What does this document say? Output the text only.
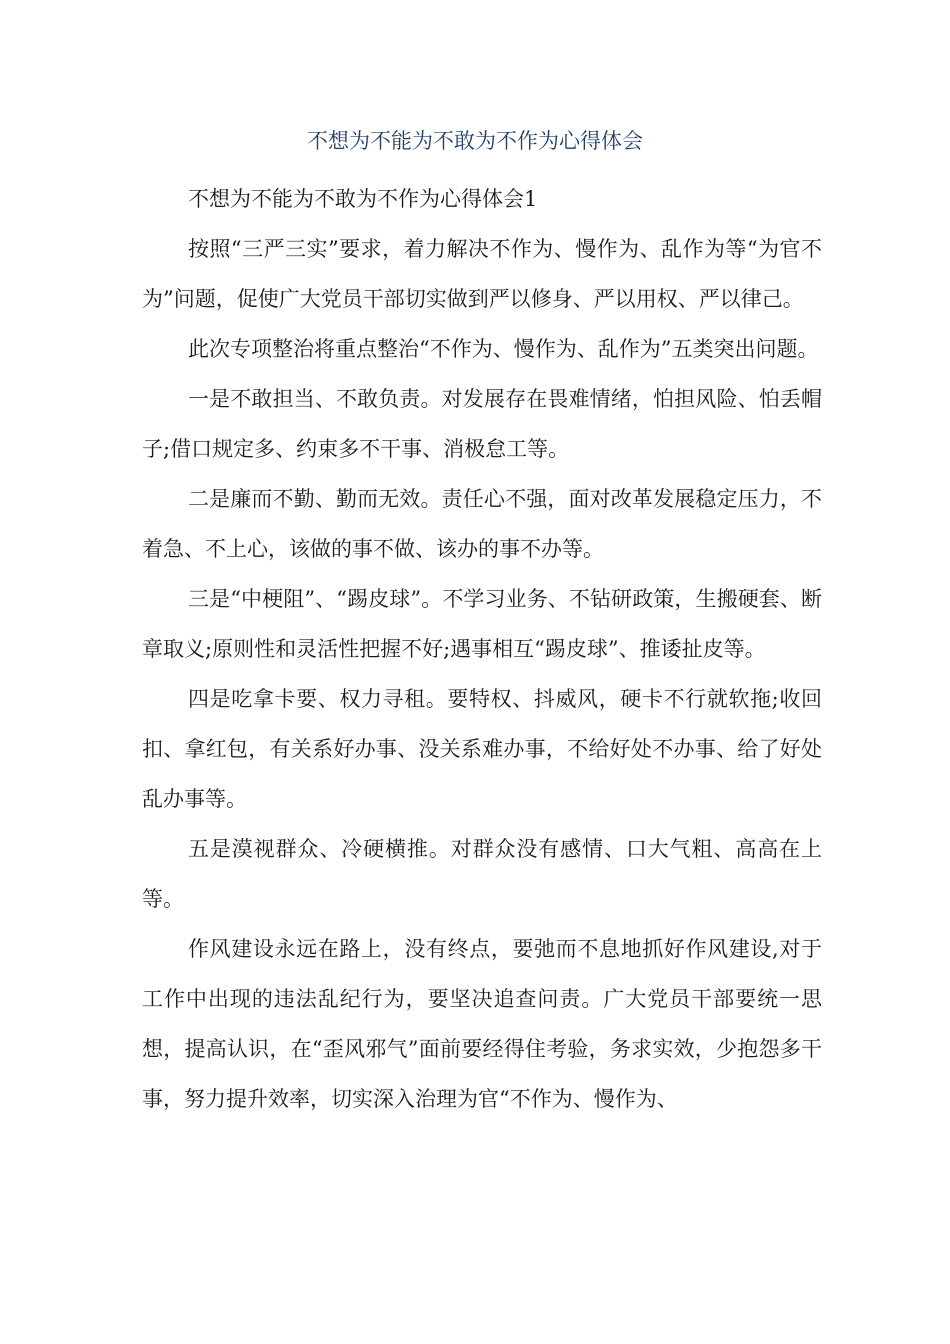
不想为不能为不敢为不作为心得体会

不想为不能为不敢为不作为心得体会1

按照“三严三实”要求，着力解决不作为、慢作为、乱作为等“为官不为”问题，促使广大党员干部切实做到严以修身、严以用权、严以律己。

此次专项整治将重点整治“不作为、慢作为、乱作为”五类突出问题。

一是不敢担当、不敢负责。对发展存在畏难情绪，怕担风险、怕丢帽子;借口规定多、约束多不干事、消极怠工等。

二是廉而不勤、勤而无效。责任心不强，面对改革发展稳定压力，不着急、不上心，该做的事不做、该办的事不办等。

三是“中梗阻”、“踢皮球”。不学习业务、不钻研政策，生搬硬套、断章取义;原则性和灵活性把握不好;遇事相互“踢皮球”、推诿扯皮等。

四是吃拿卡要、权力寻租。要特权、抖威风，硬卡不行就软拖;收回扣、拿红包，有关系好办事、没关系难办事，不给好处不办事、给了好处乱办事等。

五是漠视群众、冷硬横推。对群众没有感情、口大气粗、高高在上等。

作风建设永远在路上，没有终点，要弛而不息地抓好作风建设,对于工作中出现的违法乱纪行为，要坚决追查问责。广大党员干部要统一思想，提高认识，在“歪风邪气”面前要经得住考验，务求实效，少抱怨多干事，努力提升效率，切实深入治理为官“不作为、慢作为、
